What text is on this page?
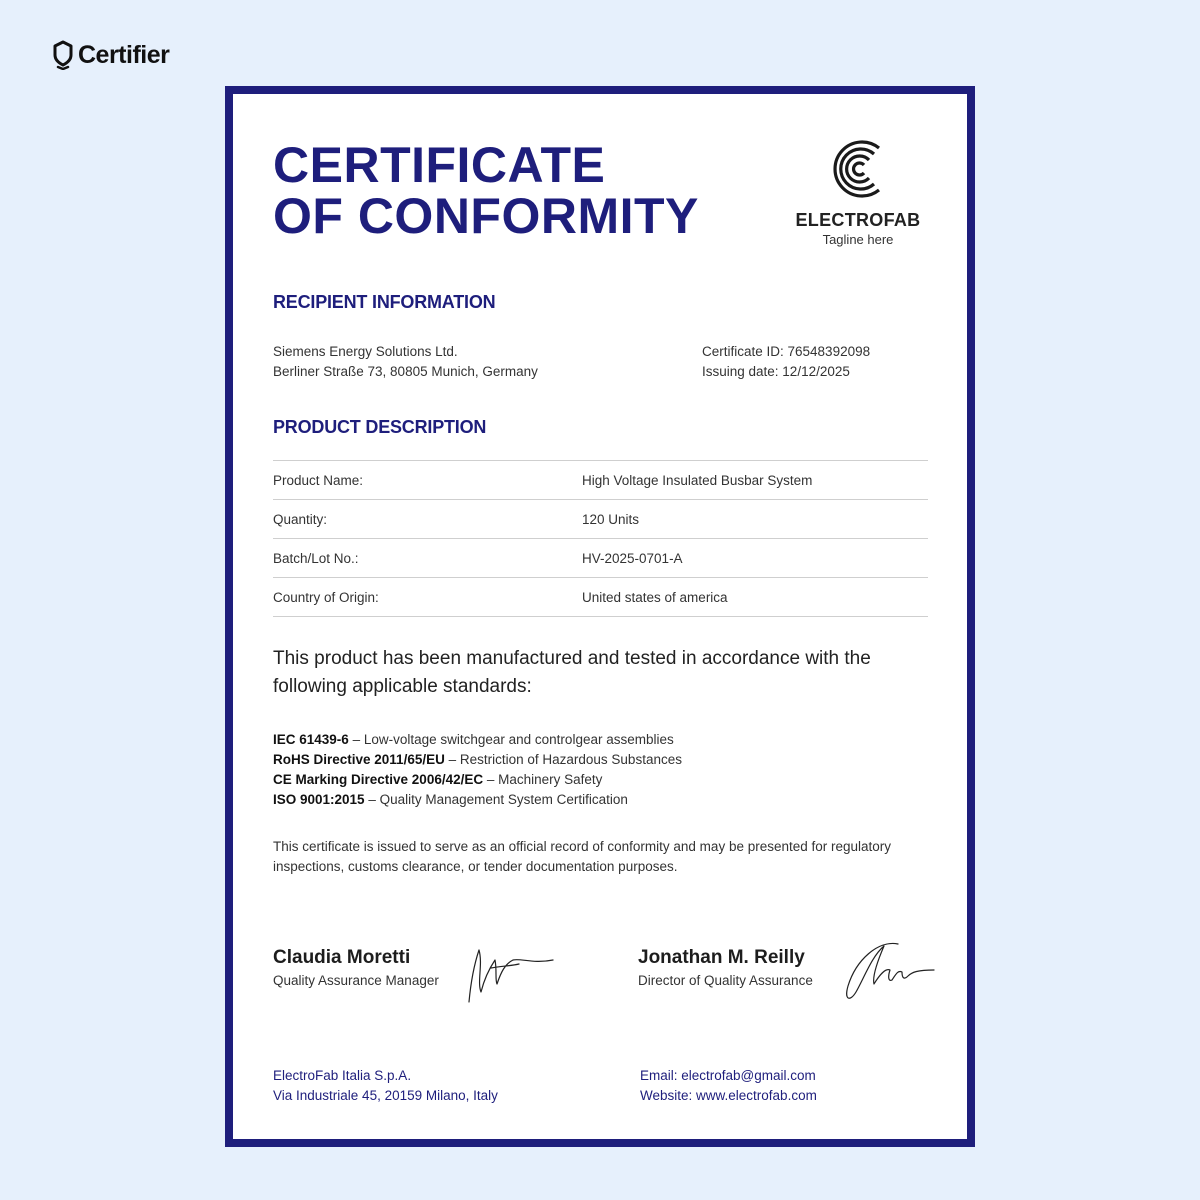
Certifier
CERTIFICATE
OF CONFORMITY	ELECTROFAB
Tagline here
RECIPIENT INFORMATION
Siemens Energy Solutions Ltd.
Berliner Straße 73, 80805 Munich, Germany
Certificate ID: 76548392098
Issuing date: 12/12/2025
PRODUCT DESCRIPTION
Product Name:	High Voltage Insulated Busbar System
Quantity:	120 Units
Batch/Lot No.:	HV-2025-0701-A
Country of Origin:	United states of america

This product has been manufactured and tested in accordance with the following applicable standards:

IEC 61439-6 – Low-voltage switchgear and controlgear assemblies
RoHS Directive 2011/65/EU – Restriction of Hazardous Substances
CE Marking Directive 2006/42/EC – Machinery Safety
ISO 9001:2015 – Quality Management System Certification

This certificate is issued to serve as an official record of conformity and may be presented for regulatory inspections, customs clearance, or tender documentation purposes.

Claudia Moretti
Quality Assurance Manager
Jonathan M. Reilly
Director of Quality Assurance
ElectroFab Italia S.p.A.
Via Industriale 45, 20159 Milano, Italy
Email: electrofab@gmail.com
Website: www.electrofab.com
